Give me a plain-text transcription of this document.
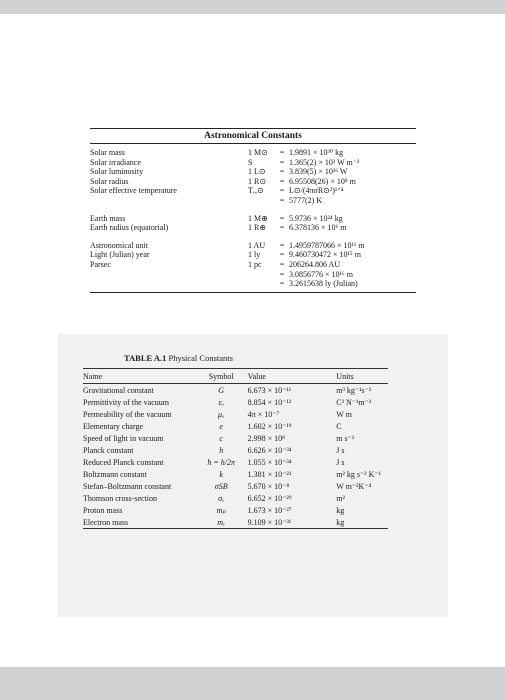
Astronomical Constants
Solar mass	1 M⊙	= 1.9891 × 10³⁰ kg
Solar irradiance	S	= 1.365(2) × 10³ W m⁻²
Solar luminosity	1 L⊙	= 3.839(5) × 10²⁶ W
Solar radius	1 R⊙	= 6.95508(26) × 10⁸ m
Solar effective temperature	Tₑ,⊙	= L⊙/(4πσR⊙²)¹ᐟ⁴
= 5777(2) K
Earth mass	1 M⊕	= 5.9736 × 10²⁴ kg
Earth radius (equatorial)	1 R⊕	= 6.378136 × 10⁶ m
Astronomical unit	1 AU	= 1.4959787066 × 10¹¹ m
Light (Julian) year	1 ly	= 9.460730472 × 10¹⁵ m
Parsec	1 pc	= 206264.806 AU
= 3.0856776 × 10¹⁶ m
= 3.2615638 ly (Julian)
TABLE A.1 Physical Constants
Name	Symbol	Value	Units
Gravitational constant	G	6.673 × 10⁻¹¹	m³ kg⁻¹s⁻²
Permittivity of the vacuum	εₒ	8.854 × 10⁻¹²	C² N⁻¹m⁻²
Permeability of the vacuum	μₒ	4π × 10⁻⁷	W m
Elementary charge	e	1.602 × 10⁻¹⁹	C
Speed of light in vacuum	c	2.998 × 10⁸	m s⁻¹
Planck constant	h	6.626 × 10⁻³⁴	J s
Reduced Planck constant	ħ = h/2π	1.055 × 10⁻³⁴	J s
Boltzmann constant	k	1.381 × 10⁻²³	m² kg s⁻² K⁻¹
Stefan–Boltzmann constant	σSB	5.670 × 10⁻⁸	W m⁻²K⁻⁴
Thomson cross-section	σₑ	6.652 × 10⁻²⁹	m²
Proton mass	mₚ	1.673 × 10⁻²⁷	kg
Electron mass	mₑ	9.109 × 10⁻³¹	kg
